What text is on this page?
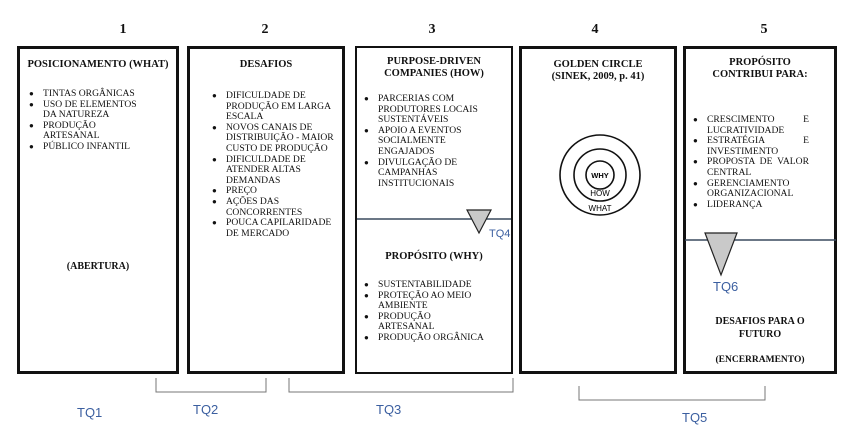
1	2	3	4	5
POSICIONAMENTO (WHAT)
● TINTAS ORGÂNICAS
● USO DE ELEMENTOS DA NATUREZA
● PRODUÇÃO ARTESANAL
● PÚBLICO INFANTIL
(ABERTURA)
DESAFIOS
● DIFICULDADE DE PRODUÇÃO EM LARGA ESCALA
● NOVOS CANAIS DE DISTRIBUIÇÃO - MAIOR CUSTO DE PRODUÇÃO
● DIFICULDADE DE ATENDER ALTAS DEMANDAS
● PREÇO
● AÇÕES DAS CONCORRENTES
● POUCA CAPILARIDADE DE MERCADO
PURPOSE-DRIVEN COMPANIES (HOW)
● PARCERIAS COM PRODUTORES LOCAIS SUSTENTÁVEIS
● APOIO A EVENTOS SOCIALMENTE ENGAJADOS
● DIVULGAÇÃO DE CAMPANHAS INSTITUCIONAIS
PROPÓSITO (WHY)
● SUSTENTABILIDADE
● PROTEÇÃO AO MEIO AMBIENTE
● PRODUÇÃO ARTESANAL
● PRODUÇÃO ORGÂNICA
GOLDEN CIRCLE
(SINEK, 2009, p. 41)
PROPÓSITO CONTRIBUI PARA:
● CRESCIMENTO E LUCRATIVIDADE
● ESTRATÉGIA E INVESTIMENTO
● PROPOSTA DE VALOR CENTRAL
● GERENCIAMENTO ORGANIZACIONAL
● LIDERANÇA
DESAFIOS PARA O FUTURO
(ENCERRAMENTO)
WHY
HOW
WHAT
TQ4
TQ6
TQ1	TQ2	TQ3
TQ5
